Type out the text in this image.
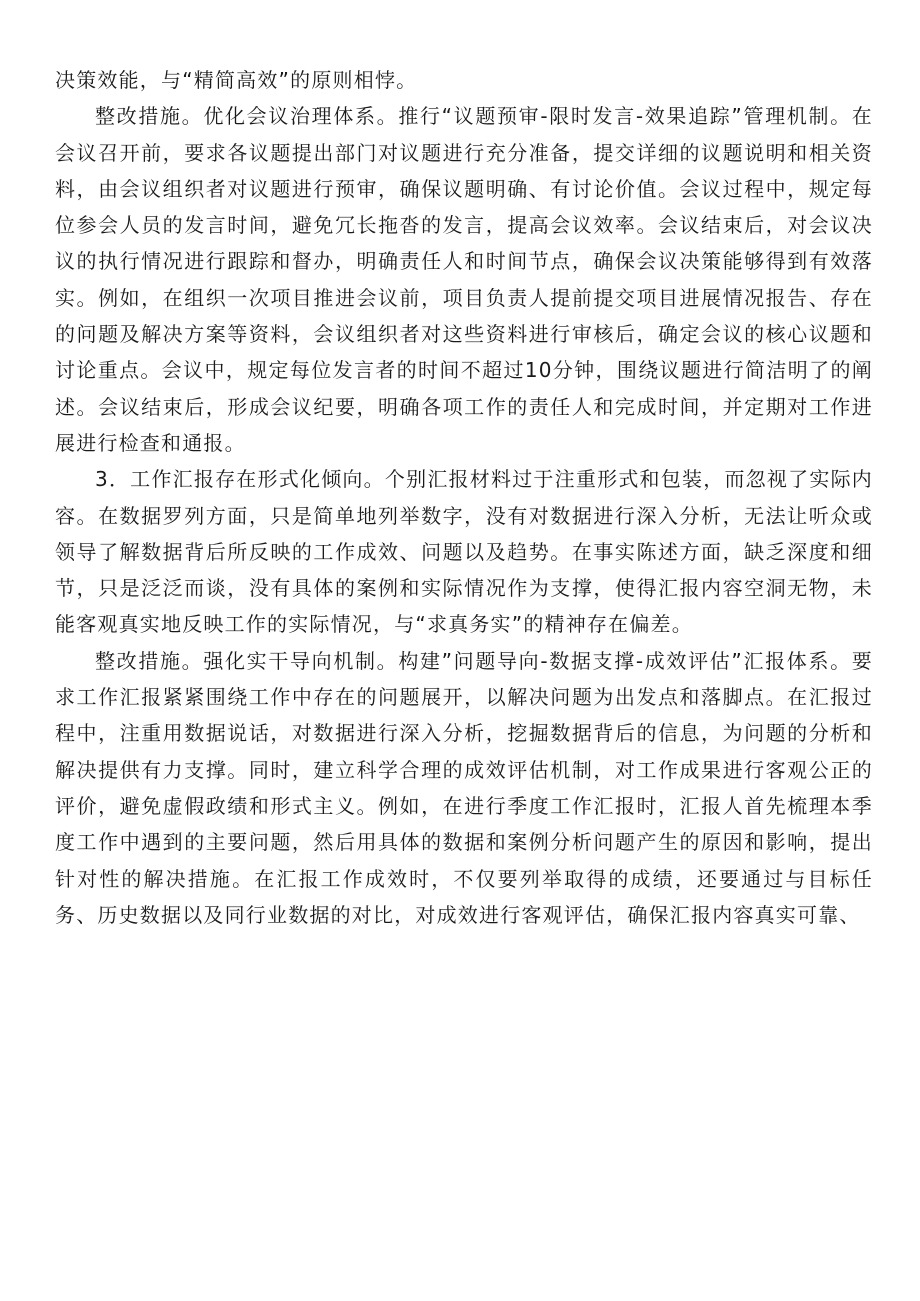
决策效能，与“精简高效”的原则相悖。

整改措施。优化会议治理体系。推行“议题预审-限时发言-效果追踪”管理机制。在会议召开前，要求各议题提出部门对议题进行充分准备，提交详细的议题说明和相关资料，由会议组织者对议题进行预审，确保议题明确、有讨论价值。会议过程中，规定每位参会人员的发言时间，避免冗长拖沓的发言，提高会议效率。会议结束后，对会议决议的执行情况进行跟踪和督办，明确责任人和时间节点，确保会议决策能够得到有效落实。例如，在组织一次项目推进会议前，项目负责人提前提交项目进展情况报告、存在的问题及解决方案等资料，会议组织者对这些资料进行审核后，确定会议的核心议题和讨论重点。会议中，规定每位发言者的时间不超过10分钟，围绕议题进行简洁明了的阐述。会议结束后，形成会议纪要，明确各项工作的责任人和完成时间，并定期对工作进展进行检查和通报。

3．工作汇报存在形式化倾向。个别汇报材料过于注重形式和包装，而忽视了实际内容。在数据罗列方面，只是简单地列举数字，没有对数据进行深入分析，无法让听众或领导了解数据背后所反映的工作成效、问题以及趋势。在事实陈述方面，缺乏深度和细节，只是泛泛而谈，没有具体的案例和实际情况作为支撑，使得汇报内容空洞无物，未能客观真实地反映工作的实际情况，与“求真务实”的精神存在偏差。

整改措施。强化实干导向机制。构建”问题导向-数据支撑-成效评估”汇报体系。要求工作汇报紧紧围绕工作中存在的问题展开，以解决问题为出发点和落脚点。在汇报过程中，注重用数据说话，对数据进行深入分析，挖掘数据背后的信息，为问题的分析和解决提供有力支撑。同时，建立科学合理的成效评估机制，对工作成果进行客观公正的评价，避免虚假政绩和形式主义。例如，在进行季度工作汇报时，汇报人首先梳理本季度工作中遇到的主要问题，然后用具体的数据和案例分析问题产生的原因和影响，提出针对性的解决措施。在汇报工作成效时，不仅要列举取得的成绩，还要通过与目标任务、历史数据以及同行业数据的对比，对成效进行客观评估，确保汇报内容真实可靠、
